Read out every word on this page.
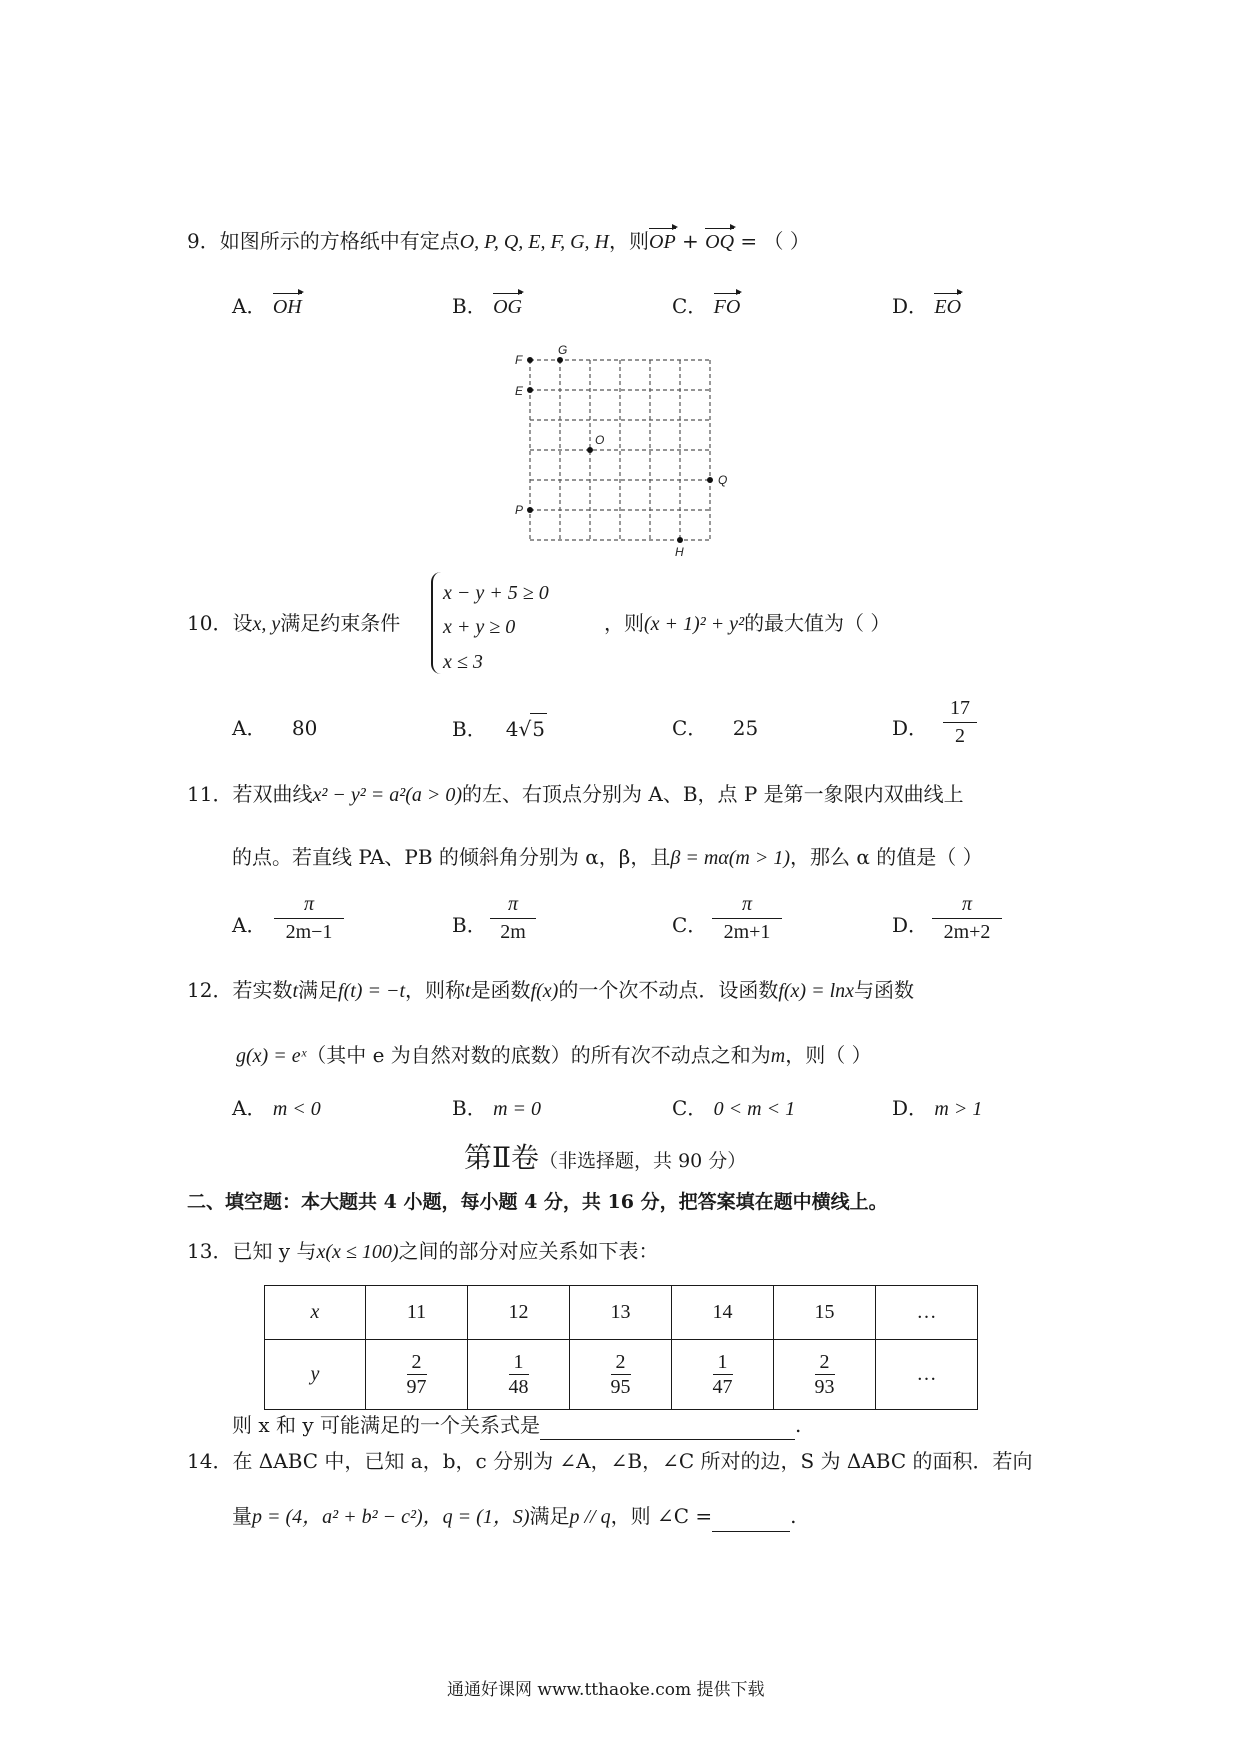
9．如图所示的方格纸中有定点O, P, Q, E, F, G, H，则OP + OQ = （ ）
A． OH	B． OG	C． FO	D． EO
F
G
E
O
Q
P
H
10．设x, y满足约束条件
x − y + 5 ≥ 0
x + y ≥ 0
x ≤ 3
，则(x + 1)² + y²的最大值为（ ）
A． 80	B． 4√5	C． 25	D．
17
2
11．若双曲线x² − y² = a²(a > 0)的左、右顶点分别为 A、B，点 P 是第一象限内双曲线上
的点。若直线 PA、PB 的倾斜角分别为 α，β，且β = mα(m > 1)，那么 α 的值是（ ）
A．
π
2m−1	B．
π
2m	C．
π
2m+1	D．
π
2m+2
12．若实数t满足f(t) = −t，则称t是函数f(x)的一个次不动点．设函数f(x) = lnx与函数
g(x) = eˣ（其中 e 为自然对数的底数）的所有次不动点之和为m，则（ ）
A． m < 0	B． m = 0	C． 0 < m < 1	D． m > 1
第Ⅱ卷（非选择题，共 90 分）
二、填空题：本大题共 4 小题，每小题 4 分，共 16 分，把答案填在题中横线上。
13．已知 y 与x(x ≤ 100)之间的部分对应关系如下表：
x	11	12	13	14	15	…
y	$\frac{2}{97}$	$\frac{1}{48}$	$\frac{2}{95}$	$\frac{1}{47}$	$\frac{2}{93}$	…
则 x 和 y 可能满足的一个关系式是	.
14．在 ΔABC 中，已知 a，b，c 分别为 ∠A，∠B，∠C 所对的边，S 为 ΔABC 的面积．若向
量p = (4，a² + b² − c²)，q = (1，S)满足p // q，则 ∠C =	.
通通好课网 www.tthaoke.com 提供下载
